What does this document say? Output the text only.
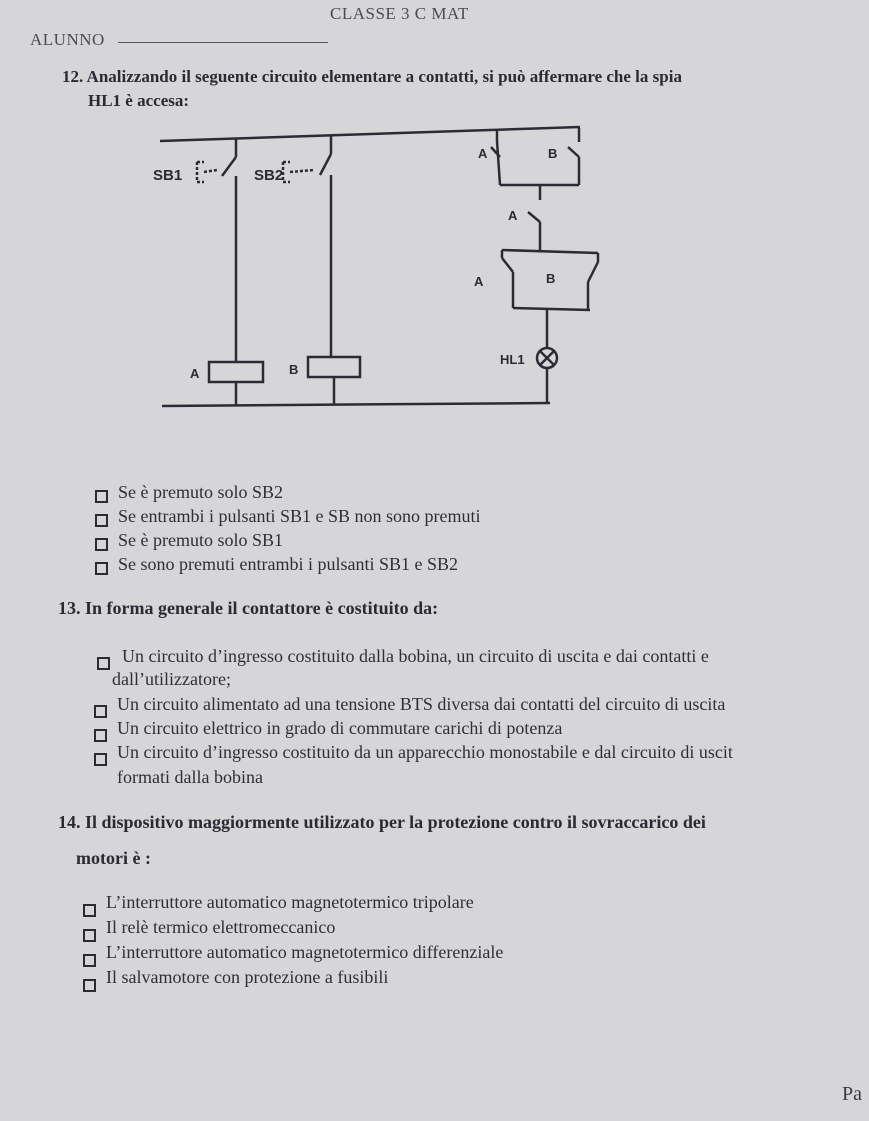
ALUNNO
CLASSE 3 C MAT
12. Analizzando il seguente circuito elementare a contatti, si può affermare che la spia
HL1 è accesa:
SB1	SB2
A	B
A
A	B
A	B
HL1
Se è premuto solo SB2
Se entrambi i pulsanti SB1 e SB non sono premuti
Se è premuto solo SB1
Se sono premuti entrambi i pulsanti SB1 e SB2
13. In forma generale il contattore è costituito da:
Un circuito d’ingresso costituito dalla bobina, un circuito di uscita e dai contatti e
dall’utilizzatore;
Un circuito alimentato ad una tensione BTS diversa dai contatti del circuito di uscita
Un circuito elettrico in grado di commutare carichi di potenza
Un circuito d’ingresso costituito da un apparecchio monostabile e dal circuito di uscit
formati dalla bobina
14. Il dispositivo maggiormente utilizzato per la protezione contro il sovraccarico dei
motori è :
L’interruttore automatico magnetotermico tripolare
Il relè termico elettromeccanico
L’interruttore automatico magnetotermico differenziale
Il salvamotore con protezione a fusibili
Pa
